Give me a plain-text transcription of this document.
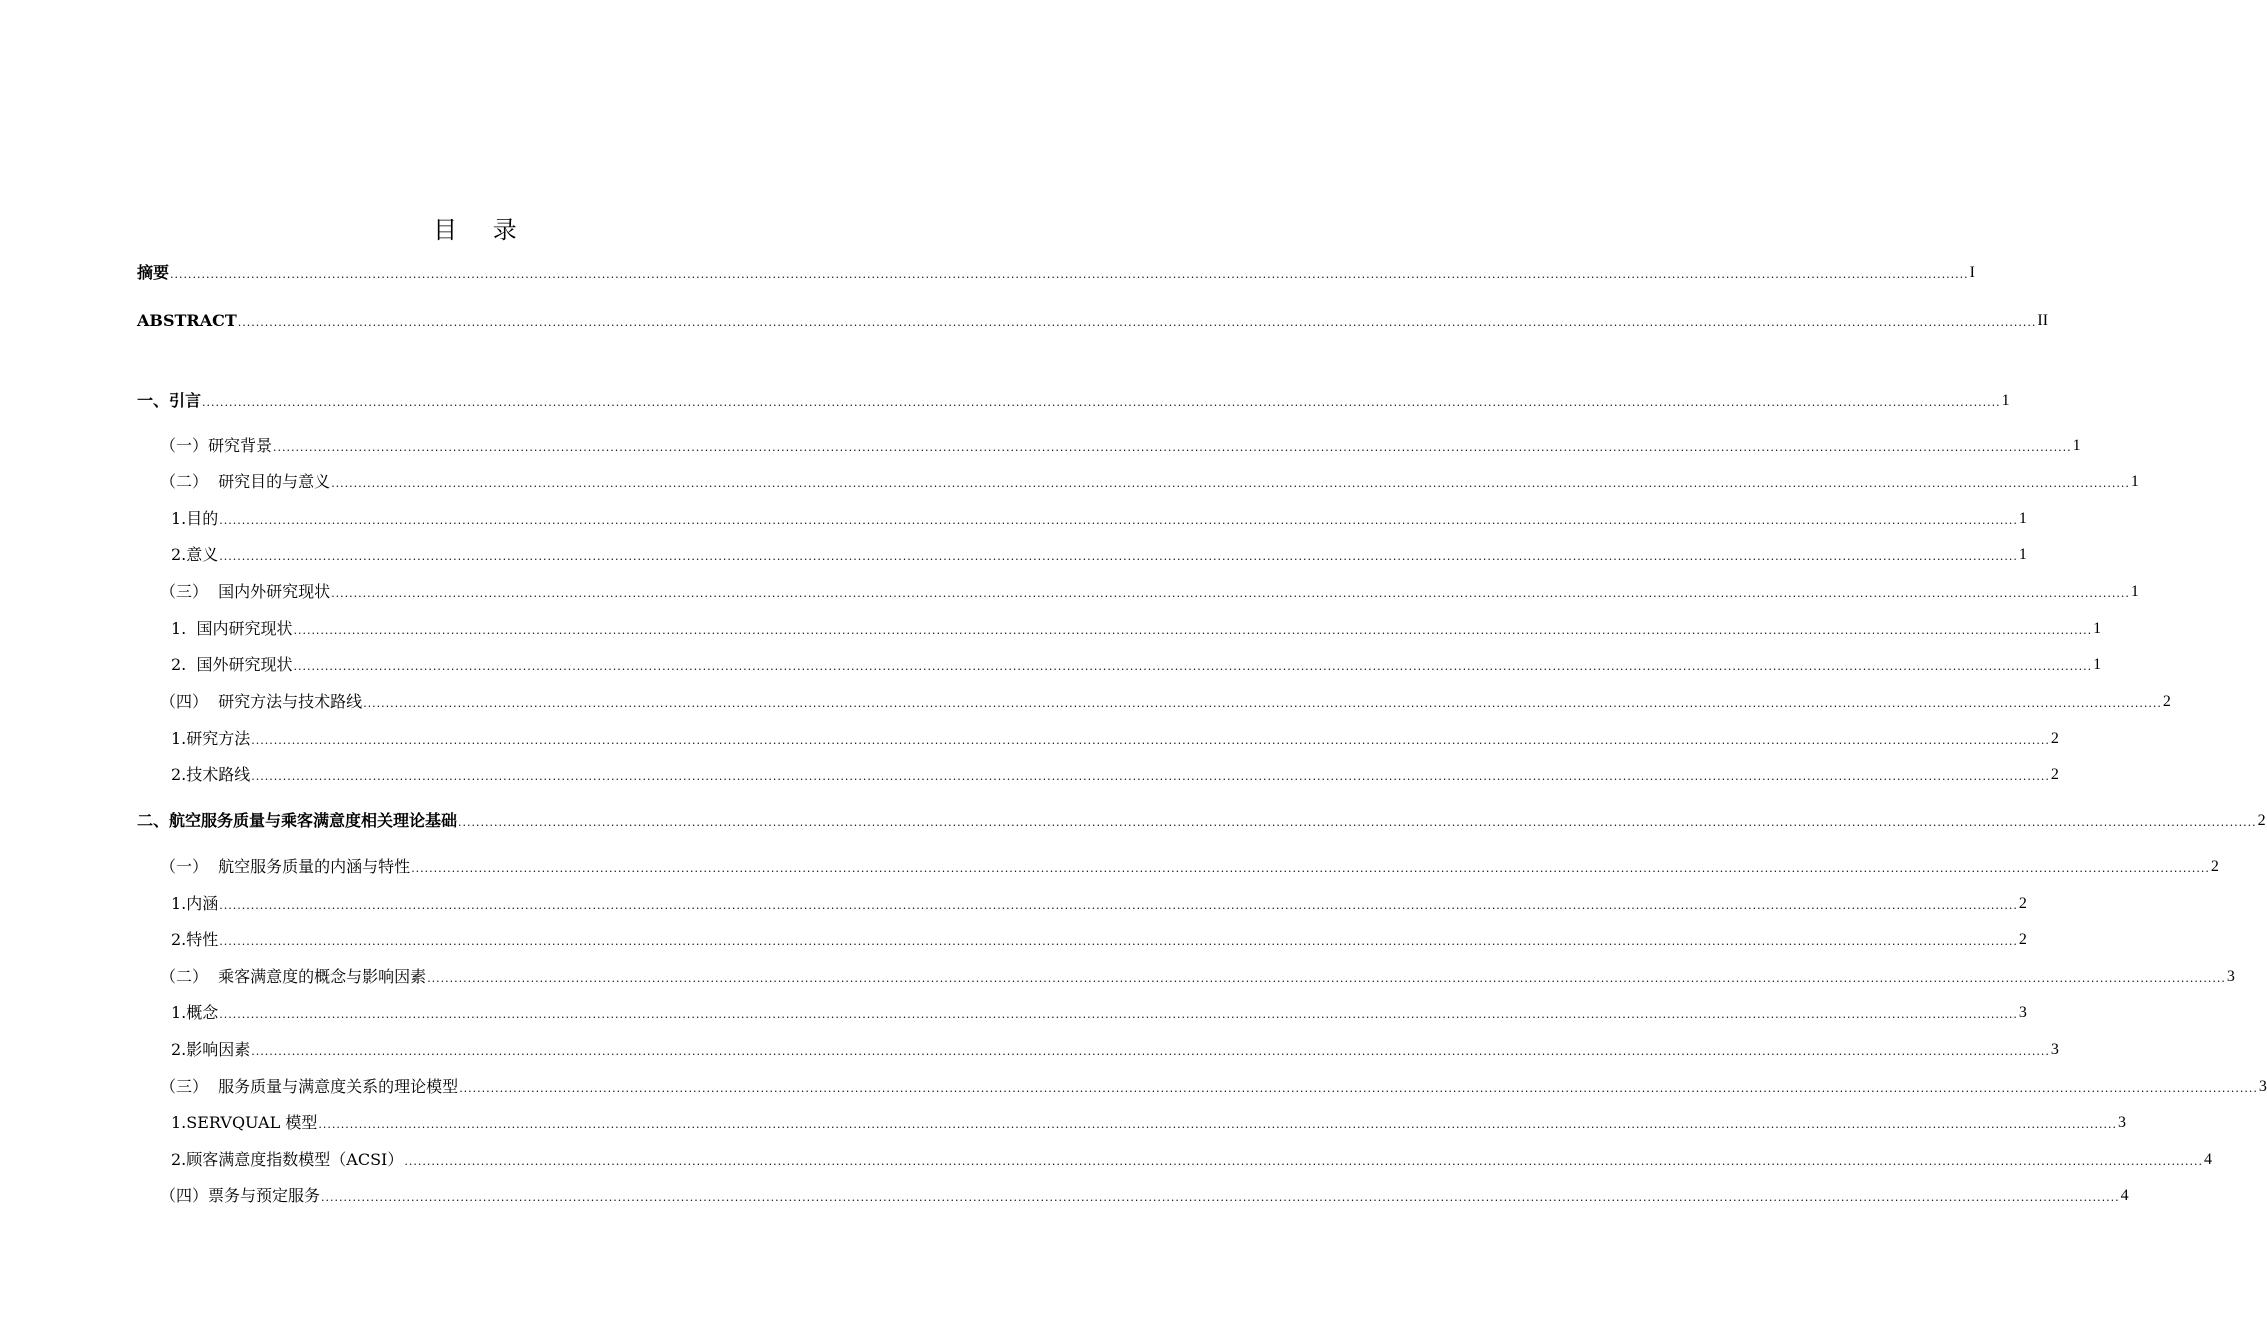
目 录
摘要 ................................................................................................................................................................................................................................................................................................................................................................................................................ I
ABSTRACT ................................................................................................................................................................................................................................................................................................................................................................................................................ II
一、引言 ................................................................................................................................................................................................................................................................................................................................................................................................................ 1
（一）研究背景 ................................................................................................................................................................................................................................................................................................................................................................................................................ 1
（二）  研究目的与意义 ................................................................................................................................................................................................................................................................................................................................................................................................................ 1
1.目的 ................................................................................................................................................................................................................................................................................................................................................................................................................ 1
2.意义 ................................................................................................................................................................................................................................................................................................................................................................................................................ 1
（三）  国内外研究现状 ................................................................................................................................................................................................................................................................................................................................................................................................................ 1
1.  国内研究现状 ................................................................................................................................................................................................................................................................................................................................................................................................................ 1
2.  国外研究现状 ................................................................................................................................................................................................................................................................................................................................................................................................................ 1
（四）  研究方法与技术路线 ................................................................................................................................................................................................................................................................................................................................................................................................................ 2
1.研究方法 ................................................................................................................................................................................................................................................................................................................................................................................................................ 2
2.技术路线 ................................................................................................................................................................................................................................................................................................................................................................................................................ 2
二、航空服务质量与乘客满意度相关理论基础 ................................................................................................................................................................................................................................................................................................................................................................................................................ 2
（一）  航空服务质量的内涵与特性 ................................................................................................................................................................................................................................................................................................................................................................................................................ 2
1.内涵 ................................................................................................................................................................................................................................................................................................................................................................................................................ 2
2.特性 ................................................................................................................................................................................................................................................................................................................................................................................................................ 2
（二）  乘客满意度的概念与影响因素 ................................................................................................................................................................................................................................................................................................................................................................................................................ 3
1.概念 ................................................................................................................................................................................................................................................................................................................................................................................................................ 3
2.影响因素 ................................................................................................................................................................................................................................................................................................................................................................................................................ 3
（三）  服务质量与满意度关系的理论模型 ................................................................................................................................................................................................................................................................................................................................................................................................................ 3
1.SERVQUAL 模型 ................................................................................................................................................................................................................................................................................................................................................................................................................ 3
2.顾客满意度指数模型（ACSI） ................................................................................................................................................................................................................................................................................................................................................................................................................ 4
（四）票务与预定服务 ................................................................................................................................................................................................................................................................................................................................................................................................................ 4
